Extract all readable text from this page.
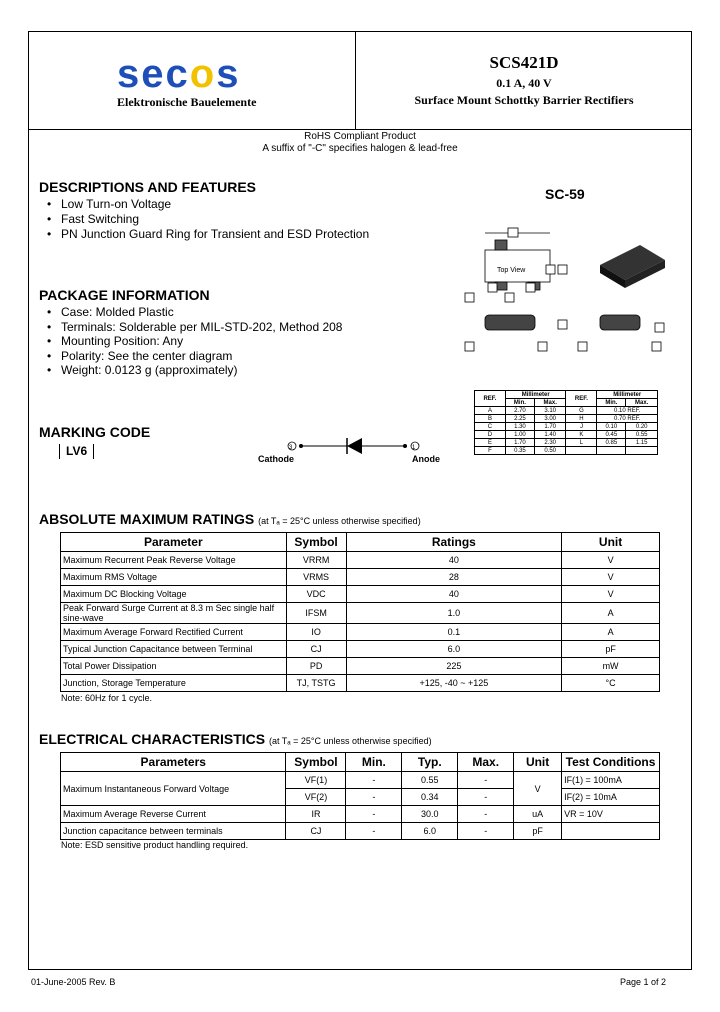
secos
Elektronische Bauelemente
SCS421D
0.1 A, 40 V
Surface Mount Schottky Barrier Rectifiers
RoHS Compliant Product
A suffix of "-C" specifies halogen & lead-free
DESCRIPTIONS AND FEATURES
• Low Turn-on Voltage
• Fast Switching
• PN Junction Guard Ring for Transient and ESD Protection
PACKAGE INFORMATION
• Case: Molded Plastic
• Terminals: Solderable per MIL-STD-202, Method 208
• Mounting Position: Any
• Polarity: See the center diagram
• Weight: 0.0123 g (approximately)
SC-59
Top View
MARKING CODE
LV6	3	1
Cathode	Anode
REF.	Millimeter		REF.	Millimeter	
	Min.	Max.		Min.	Max.
A	2.70	3.10	G	0.10 REF.	
B	2.25	3.00	H	0.70 REF.	
C	1.30	1.70	J	0.10	0.20
D	1.00	1.40	K	0.45	0.55
E	1.70	2.30	L	0.85	1.15
F	0.35	0.50			
ABSOLUTE MAXIMUM RATINGS (at Tₐ = 25°C unless otherwise specified)
Parameter	Symbol	Ratings	Unit
Maximum Recurrent Peak Reverse Voltage	VRRM	40	V
Maximum RMS Voltage	VRMS	28	V
Maximum DC Blocking Voltage	VDC	40	V
Peak Forward Surge Current at 8.3 m Sec single half sine-wave	IFSM	1.0	A
Maximum Average Forward Rectified Current	IO	0.1	A
Typical Junction Capacitance between Terminal	CJ	6.0	pF
Total Power Dissipation	PD	225	mW
Junction, Storage Temperature	TJ, TSTG	+125, -40 ~ +125	°C
Note: 60Hz for 1 cycle.
ELECTRICAL CHARACTERISTICS (at Tₐ = 25°C unless otherwise specified)
Parameters	Symbol	Min.	Typ.	Max.	Unit	Test Conditions
Maximum Instantaneous Forward Voltage	VF(1)	-	0.55	-	V	IF(1) = 100mA
	VF(2)	-	0.34	-		IF(2) = 10mA
Maximum Average Reverse Current	IR	-	30.0	-	uA	VR = 10V
Junction capacitance between terminals	CJ	-	6.0	-	pF	
Note: ESD sensitive product handling required.
01-June-2005 Rev. B	Page 1 of 2
